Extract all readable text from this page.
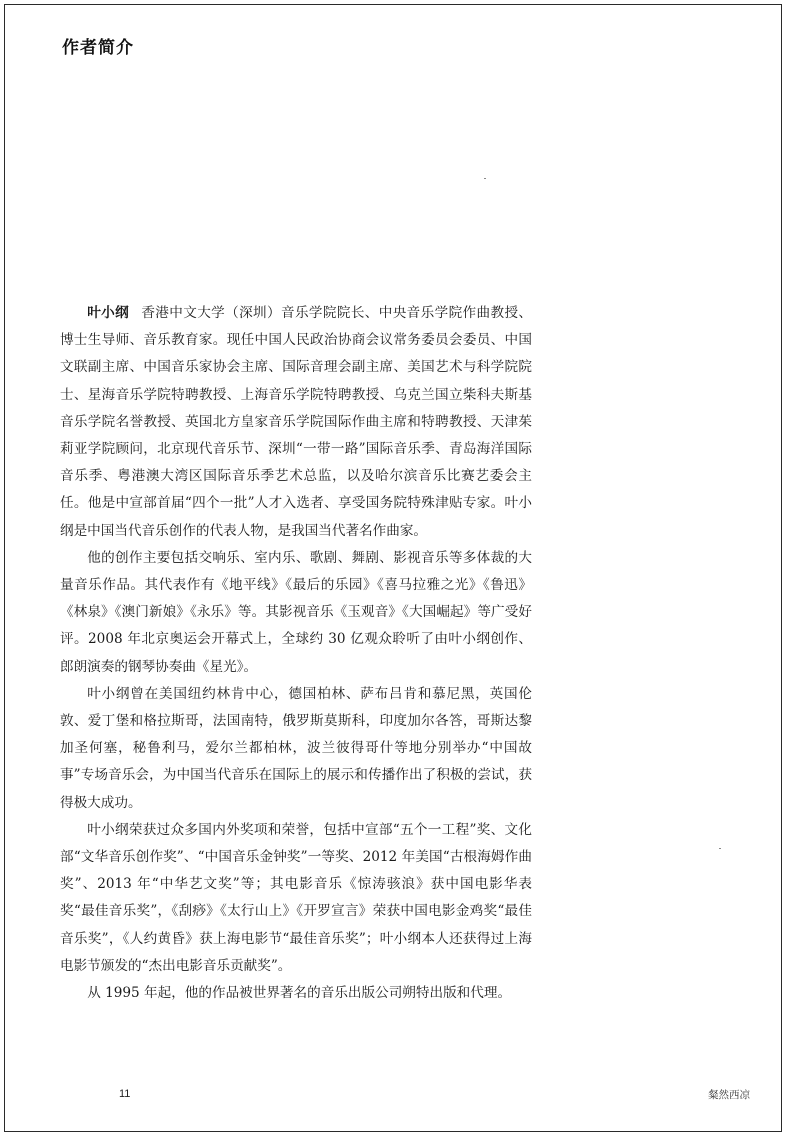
作者简介

叶小纲 香港中文大学（深圳）音乐学院院长、中央音乐学院作曲教授、博士生导师、音乐教育家。现任中国人民政治协商会议常务委员会委员、中国文联副主席、中国音乐家协会主席、国际音理会副主席、美国艺术与科学院院士、星海音乐学院特聘教授、上海音乐学院特聘教授、乌克兰国立柴科夫斯基音乐学院名誉教授、英国北方皇家音乐学院国际作曲主席和特聘教授、天津茱莉亚学院顾问，北京现代音乐节、深圳“一带一路”国际音乐季、青岛海洋国际音乐季、粤港澳大湾区国际音乐季艺术总监，以及哈尔滨音乐比赛艺委会主任。他是中宣部首届“四个一批”人才入选者、享受国务院特殊津贴专家。叶小纲是中国当代音乐创作的代表人物，是我国当代著名作曲家。

他的创作主要包括交响乐、室内乐、歌剧、舞剧、影视音乐等多体裁的大量音乐作品。其代表作有《地平线》《最后的乐园》《喜马拉雅之光》《鲁迅》《林泉》《澳门新娘》《永乐》等。其影视音乐《玉观音》《大国崛起》等广受好评。2008 年北京奥运会开幕式上，全球约 30 亿观众聆听了由叶小纲创作、郎朗演奏的钢琴协奏曲《星光》。

叶小纲曾在美国纽约林肯中心，德国柏林、萨布吕肯和慕尼黑，英国伦敦、爱丁堡和格拉斯哥，法国南特，俄罗斯莫斯科，印度加尔各答，哥斯达黎加圣何塞，秘鲁利马，爱尔兰都柏林，波兰彼得哥什等地分别举办“中国故事”专场音乐会，为中国当代音乐在国际上的展示和传播作出了积极的尝试，获得极大成功。

叶小纲荣获过众多国内外奖项和荣誉，包括中宣部“五个一工程”奖、文化部“文华音乐创作奖”、“中国音乐金钟奖”一等奖、2012 年美国“古根海姆作曲奖”、2013 年“中华艺文奖”等；其电影音乐《惊涛骇浪》获中国电影华表奖“最佳音乐奖”，《刮痧》《太行山上》《开罗宣言》荣获中国电影金鸡奖“最佳音乐奖”，《人约黄昏》获上海电影节“最佳音乐奖”；叶小纲本人还获得过上海电影节颁发的“杰出电影音乐贡献奖”。

从 1995 年起，他的作品被世界著名的音乐出版公司朔特出版和代理。

11	粲然西凉
